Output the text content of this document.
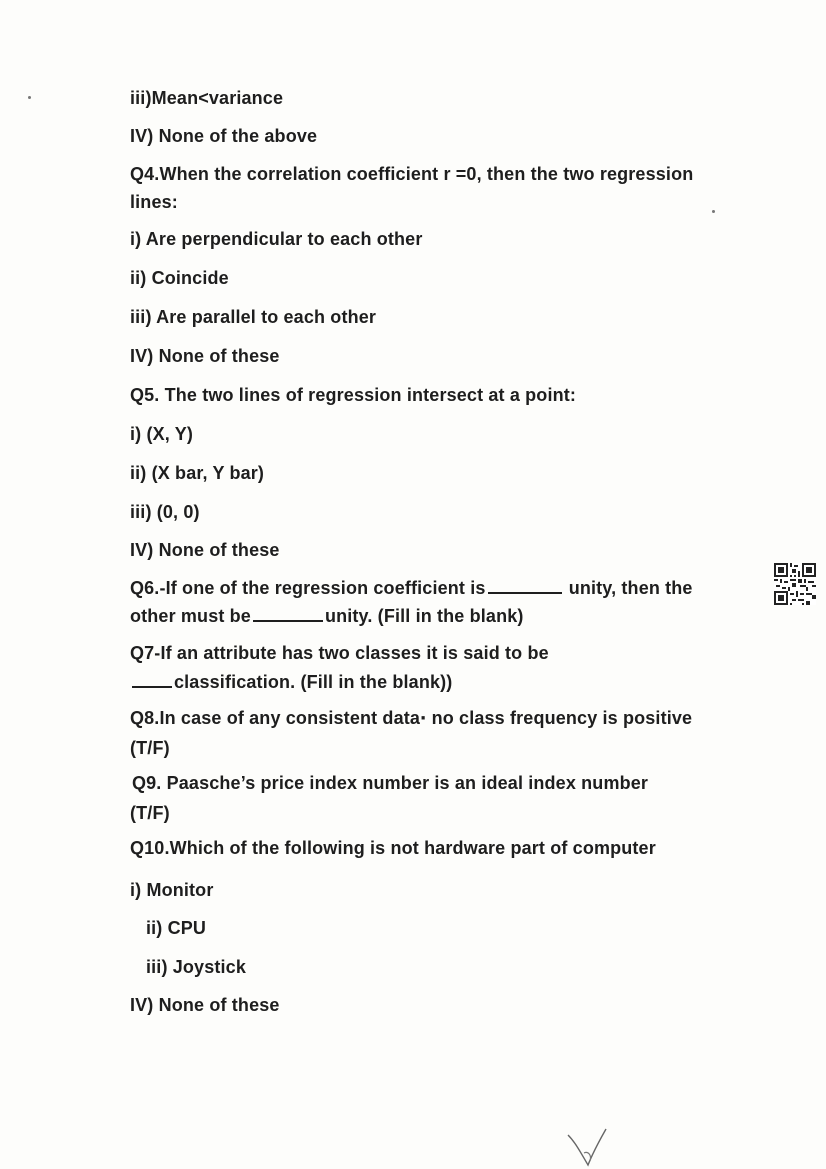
iii)Mean<variance
IV) None of the above
Q4.When the correlation coefficient r =0, then the two regression
lines:
i) Are perpendicular to each other
ii) Coincide
iii) Are parallel to each other
IV) None of these
Q5. The two lines of regression intersect at a point:
i) (X, Y)
ii) (X bar, Y bar)
iii) (0, 0)
IV) None of these
Q6.-If one of the regression coefficient is	unity, then the
other must be	unity. (Fill in the blank)
Q7-If an attribute has two classes it is said to be
classification. (Fill in the blank))
Q8.In case of any consistent data‧ no class frequency is positive
(T/F)
Q9. Paasche’s price index number is an ideal index number
(T/F)
Q10.Which of the following is not hardware part of computer
i) Monitor
ii) CPU
iii) Joystick
IV) None of these
